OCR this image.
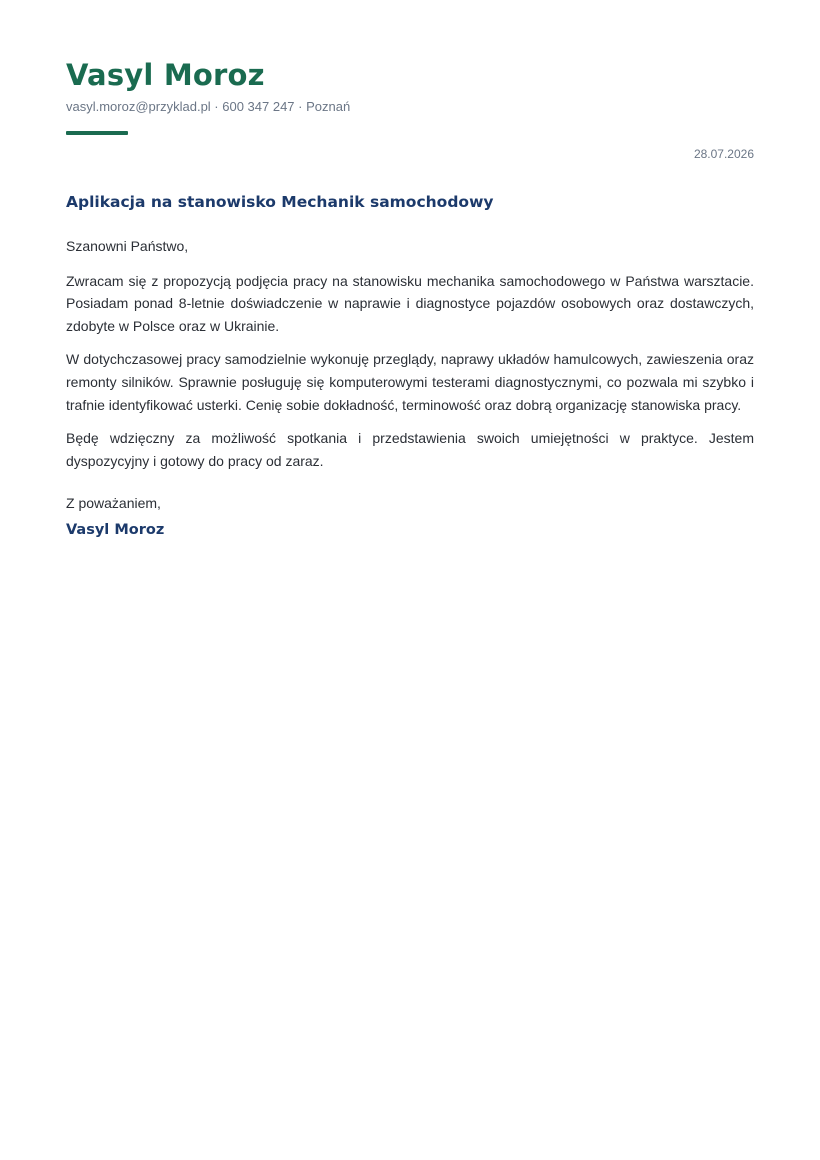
Vasyl Moroz
vasyl.moroz@przyklad.pl · 600 347 247 · Poznań
28.07.2026
Aplikacja na stanowisko Mechanik samochodowy

Szanowni Państwo,

Zwracam się z propozycją podjęcia pracy na stanowisku mechanika samochodowego w Państwa warsztacie. Posiadam ponad 8-letnie doświadczenie w naprawie i diagnostyce pojazdów osobowych oraz dostawczych, zdobyte w Polsce oraz w Ukrainie.

W dotychczasowej pracy samodzielnie wykonuję przeglądy, naprawy układów hamulcowych, zawieszenia oraz remonty silników. Sprawnie posługuję się komputerowymi testerami diagnostycznymi, co pozwala mi szybko i trafnie identyfikować usterki. Cenię sobie dokładność, terminowość oraz dobrą organizację stanowiska pracy.

Będę wdzięczny za możliwość spotkania i przedstawienia swoich umiejętności w praktyce. Jestem dyspozycyjny i gotowy do pracy od zaraz.

Z poważaniem,
Vasyl Moroz
